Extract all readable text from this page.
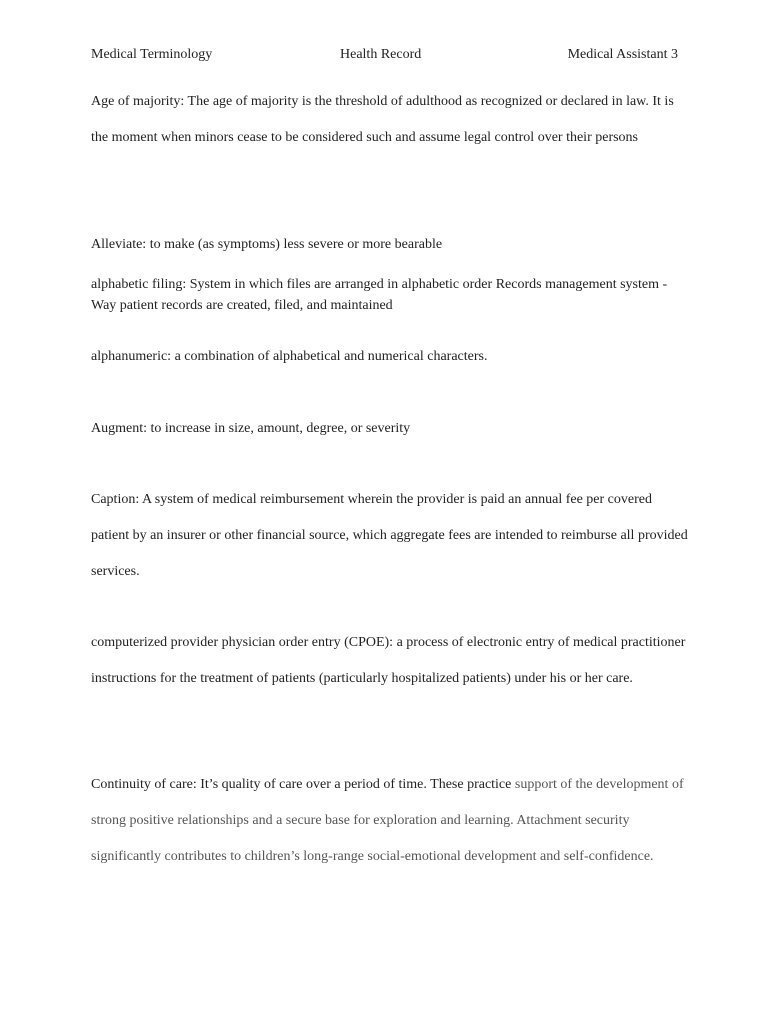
Medical Terminology	Health Record	Medical Assistant 3

Age of majority: The age of majority is the threshold of adulthood as recognized or declared in law. It is the moment when minors cease to be considered such and assume legal control over their persons

Alleviate: to make (as symptoms) less severe or more bearable

alphabetic filing: System in which files are arranged in alphabetic order Records management system - Way patient records are created, filed, and maintained

alphanumeric: a combination of alphabetical and numerical characters.

Augment: to increase in size, amount, degree, or severity

Caption: A system of medical reimbursement wherein the provider is paid an annual fee per covered patient by an insurer or other financial source, which aggregate fees are intended to reimburse all provided services.

computerized provider physician order entry (CPOE): a process of electronic entry of medical practitioner instructions for the treatment of patients (particularly hospitalized patients) under his or her care.

Continuity of care: It’s quality of care over a period of time. These practice support of the development of strong positive relationships and a secure base for exploration and learning. Attachment security significantly contributes to children’s long-range social-emotional development and self-confidence.
